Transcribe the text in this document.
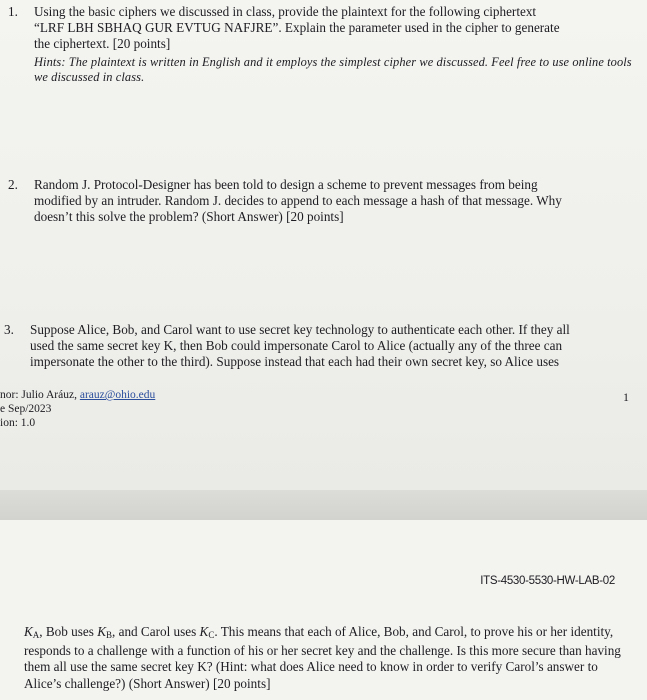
1. Using the basic ciphers we discussed in class, provide the plaintext for the following ciphertext
“LRF LBH SBHAQ GUR EVTUG NAFJRE”. Explain the parameter used in the cipher to generate
the ciphertext. [20 points]
Hints: The plaintext is written in English and it employs the simplest cipher we discussed. Feel free to use online tools
we discussed in class.
2. Random J. Protocol-Designer has been told to design a scheme to prevent messages from being
modified by an intruder. Random J. decides to append to each message a hash of that message. Why
doesn’t this solve the problem? (Short Answer) [20 points]
3. Suppose Alice, Bob, and Carol want to use secret key technology to authenticate each other. If they all
used the same secret key K, then Bob could impersonate Carol to Alice (actually any of the three can
impersonate the other to the third). Suppose instead that each had their own secret key, so Alice uses
nor: Julio Aráuz, arauz@ohio.edu
e Sep/2023
ion: 1.0
1
ITS-4530-5530-HW-LAB-02
$K_A$, Bob uses $K_B$, and Carol uses $K_C$. This means that each of Alice, Bob, and Carol, to prove his or her identity, responds to a challenge with a function of his or her secret key and the challenge. Is this more secure than having them all use the same secret key K? (Hint: what does Alice need to know in order to verify Carol’s answer to Alice’s challenge?) (Short Answer) [20 points]
